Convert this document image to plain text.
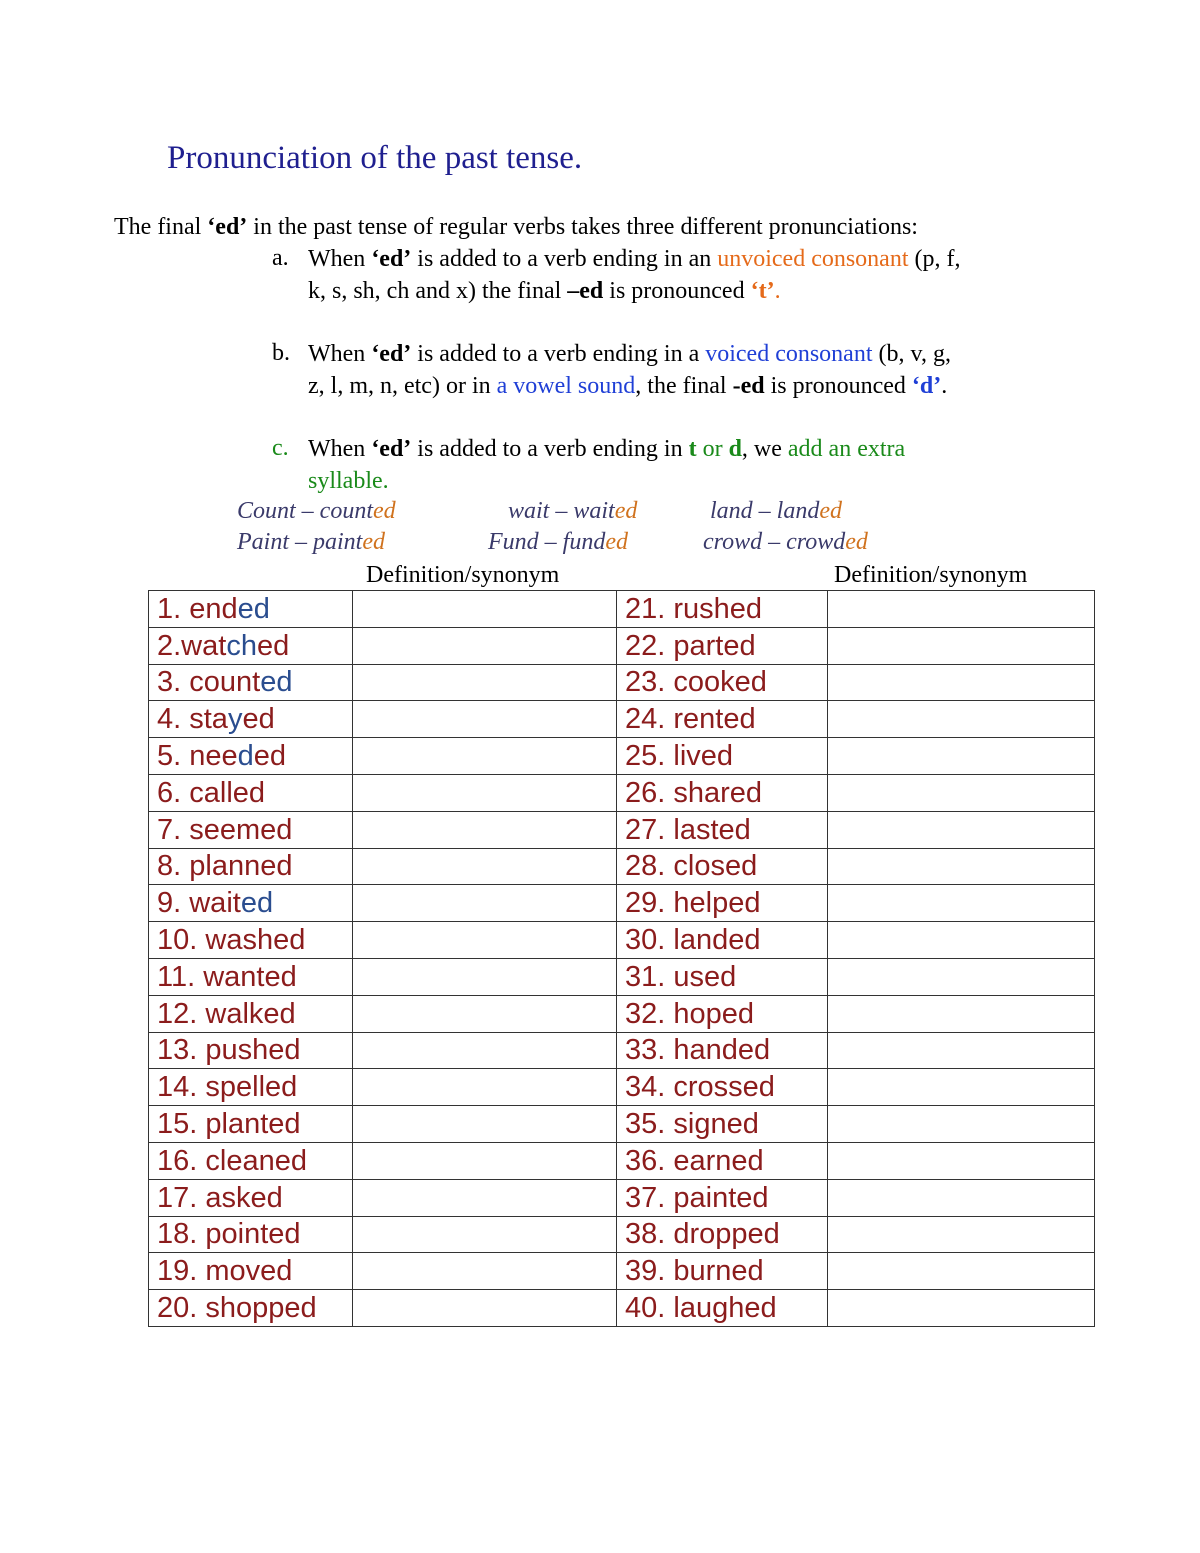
Pronunciation of the past tense.
The final ‘ed’ in the past tense of regular verbs takes three different pronunciations:
a. When ‘ed’ is added to a verb ending in an unvoiced consonant (p, f,
k, s, sh, ch and x) the final –ed is pronounced ‘t’.
b. When ‘ed’ is added to a verb ending in a voiced consonant (b, v, g,
z, l, m, n, etc) or in a vowel sound, the final -ed is pronounced ‘d’.
c. When ‘ed’ is added to a verb ending in t or d, we add an extra
syllable.
Count – counted	wait – waited	land – landed
Paint – painted	Fund – funded	crowd – crowded
Definition/synonym	Definition/synonym
1. ended		21. rushed	
2.watched		22. parted	
3. counted		23. cooked	
4. stayed		24. rented	
5. needed		25. lived	
6. called		26. shared	
7. seemed		27. lasted	
8. planned		28. closed	
9. waited		29. helped	
10. washed		30. landed	
11. wanted		31. used	
12. walked		32. hoped	
13. pushed		33. handed	
14. spelled		34. crossed	
15. planted		35. signed	
16. cleaned		36. earned	
17. asked		37. painted	
18. pointed		38. dropped	
19. moved		39. burned	
20. shopped		40. laughed	
